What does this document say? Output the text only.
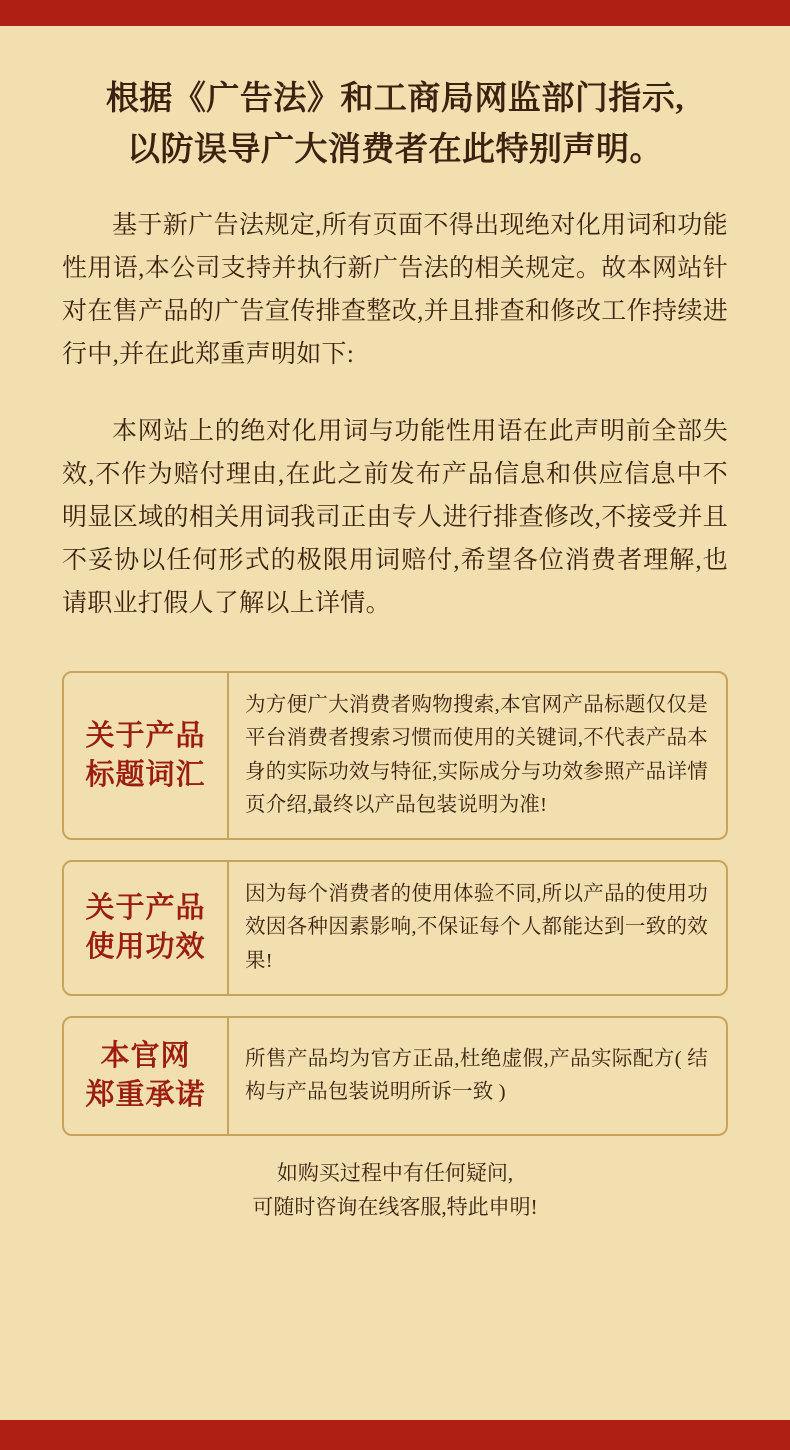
根据《广告法》和工商局网监部门指示,
以防误导广大消费者在此特别声明。

基于新广告法规定,所有页面不得出现绝对化用词和功能性用语,本公司支持并执行新广告法的相关规定。故本网站针对在售产品的广告宣传排查整改,并且排查和修改工作持续进行中,并在此郑重声明如下:

本网站上的绝对化用词与功能性用语在此声明前全部失效,不作为赔付理由,在此之前发布产品信息和供应信息中不明显区域的相关用词我司正由专人进行排查修改,不接受并且不妥协以任何形式的极限用词赔付,希望各位消费者理解,也请职业打假人了解以上详情。

关于产品
标题词汇

为方便广大消费者购物搜索,本官网产品标题仅仅是平台消费者搜索习惯而使用的关键词,不代表产品本身的实际功效与特征,实际成分与功效参照产品详情页介绍,最终以产品包装说明为准!

关于产品
使用功效

因为每个消费者的使用体验不同,所以产品的使用功效因各种因素影响,不保证每个人都能达到一致的效果!

本官网
郑重承诺

所售产品均为官方正品,杜绝虚假,产品实际配方( 结构与产品包装说明所诉一致 )

如购买过程中有任何疑问,
可随时咨询在线客服,特此申明!
